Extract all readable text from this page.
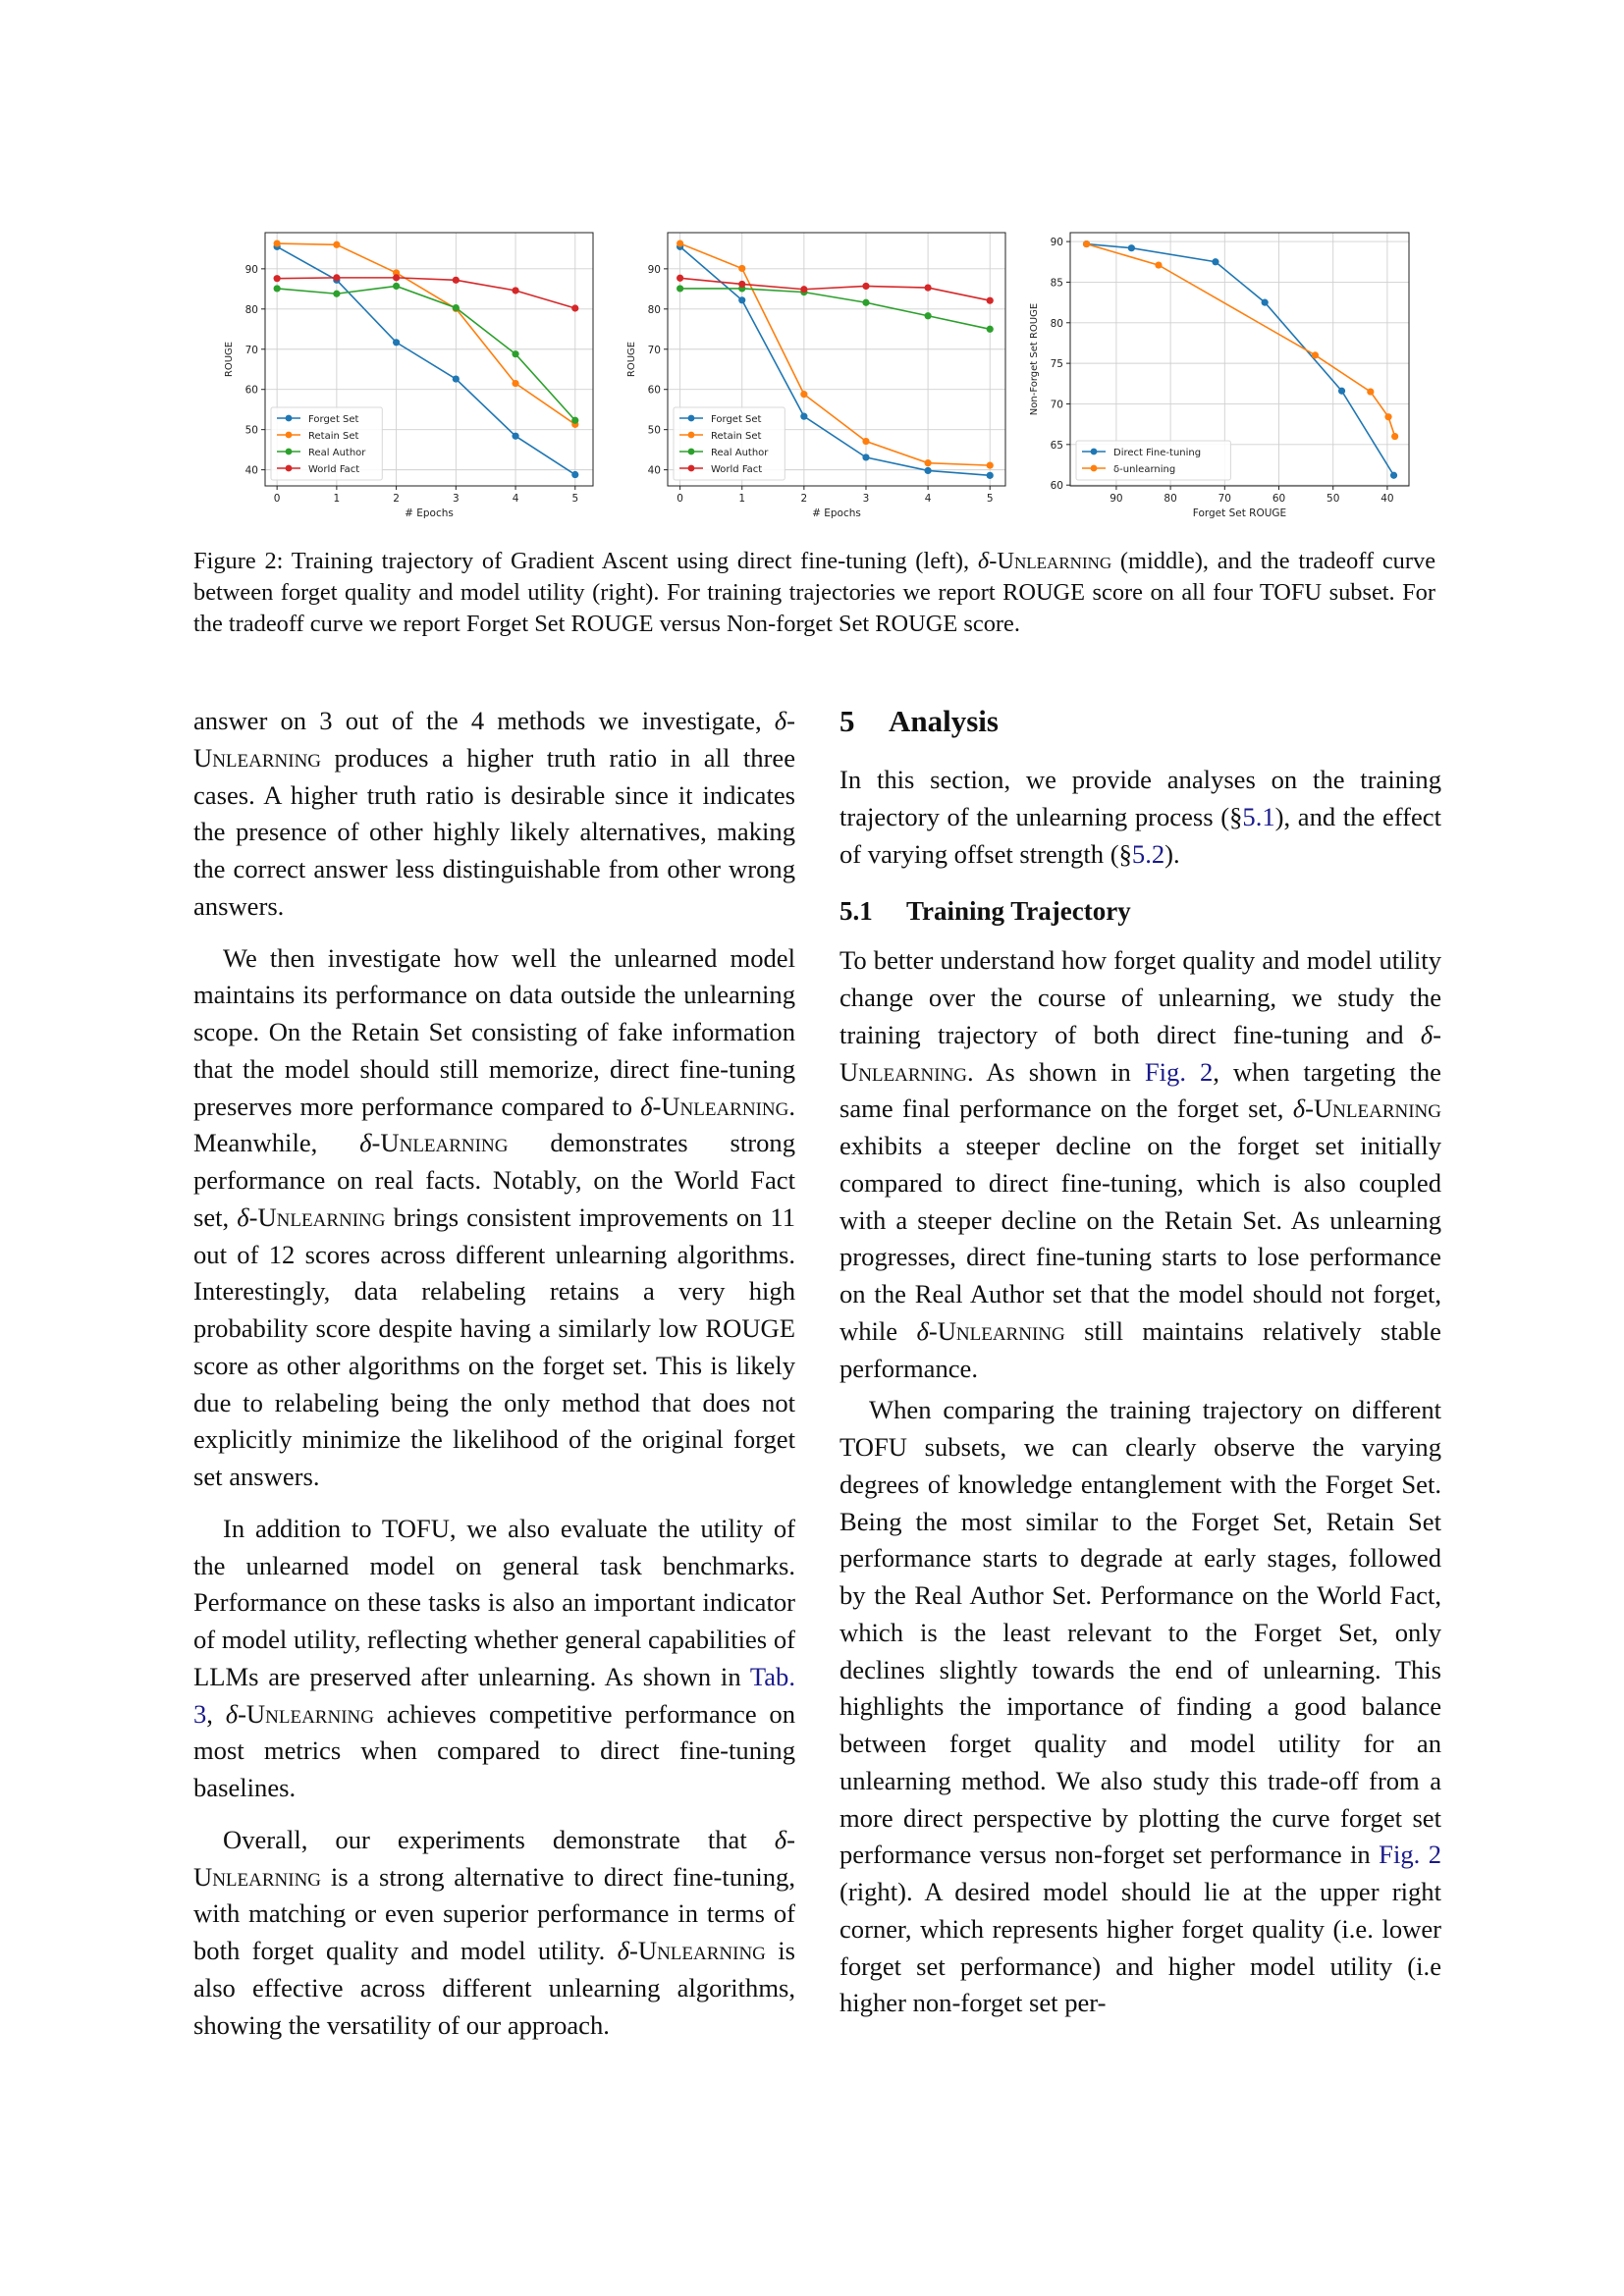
0	1	2	3	4	5
40
50
60
70
80
90
# Epochs
ROUGE
Forget Set
Retain Set
Real Author
World Fact
0	1	2	3	4	5
40
50
60
70
80
90
# Epochs
ROUGE
Forget Set
Retain Set
Real Author
World Fact
90	80	70	60	50	40
60
65
70
75
80
85
90
Forget Set ROUGE
Non-Forget Set ROUGE
Direct Fine-tuning
δ-unlearning
Figure 2: Training trajectory of Gradient Ascent using direct fine-tuning (left), δ-Unlearning (middle), and the tradeoff curve between forget quality and model utility (right). For training trajectories we report ROUGE score on all four TOFU subset. For the tradeoff curve we report Forget Set ROUGE versus Non-forget Set ROUGE score.

answer on 3 out of the 4 methods we investigate, δ-Unlearning produces a higher truth ratio in all three cases. A higher truth ratio is desirable since it indicates the presence of other highly likely alternatives, making the correct answer less distinguishable from other wrong answers.

We then investigate how well the unlearned model maintains its performance on data outside the unlearning scope. On the Retain Set consisting of fake information that the model should still memorize, direct fine-tuning preserves more performance compared to δ-Unlearning. Meanwhile, δ-Unlearning demonstrates strong performance on real facts. Notably, on the World Fact set, δ-Unlearning brings consistent improvements on 11 out of 12 scores across different unlearning algorithms. Interestingly, data relabeling retains a very high probability score despite having a similarly low ROUGE score as other algorithms on the forget set. This is likely due to relabeling being the only method that does not explicitly minimize the likelihood of the original forget set answers.

In addition to TOFU, we also evaluate the utility of the unlearned model on general task benchmarks. Performance on these tasks is also an important indicator of model utility, reflecting whether general capabilities of LLMs are preserved after unlearning. As shown in Tab. 3, δ-Unlearning achieves competitive performance on most metrics when compared to direct fine-tuning baselines.

Overall, our experiments demonstrate that δ-Unlearning is a strong alternative to direct fine-tuning, with matching or even superior performance in terms of both forget quality and model utility. δ-Unlearning is also effective across different unlearning algorithms, showing the versatility of our approach.

5 Analysis

In this section, we provide analyses on the training trajectory of the unlearning process (§5.1), and the effect of varying offset strength (§5.2).

5.1 Training Trajectory

To better understand how forget quality and model utility change over the course of unlearning, we study the training trajectory of both direct fine-tuning and δ-Unlearning. As shown in Fig. 2, when targeting the same final performance on the forget set, δ-Unlearning exhibits a steeper decline on the forget set initially compared to direct fine-tuning, which is also coupled with a steeper decline on the Retain Set. As unlearning progresses, direct fine-tuning starts to lose performance on the Real Author set that the model should not forget, while δ-Unlearning still maintains relatively stable performance.

When comparing the training trajectory on different TOFU subsets, we can clearly observe the varying degrees of knowledge entanglement with the Forget Set. Being the most similar to the Forget Set, Retain Set performance starts to degrade at early stages, followed by the Real Author Set. Performance on the World Fact, which is the least relevant to the Forget Set, only declines slightly towards the end of unlearning. This highlights the importance of finding a good balance between forget quality and model utility for an unlearning method. We also study this trade-off from a more direct perspective by plotting the curve forget set performance versus non-forget set performance in Fig. 2 (right). A desired model should lie at the upper right corner, which represents higher forget quality (i.e. lower forget set performance) and higher model utility (i.e higher non-forget set per-
